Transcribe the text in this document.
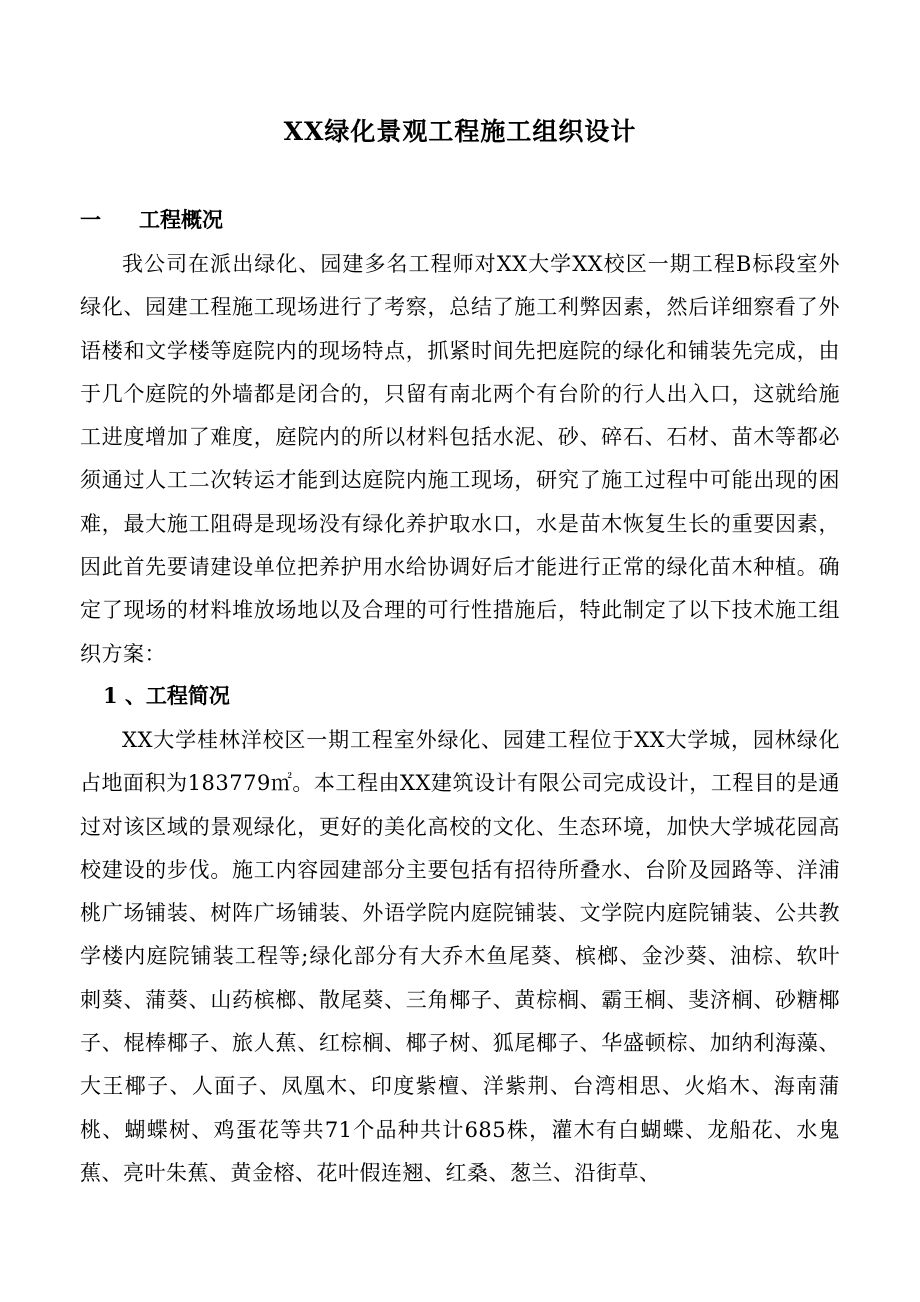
XX绿化景观工程施工组织设计
一 工程概况

我公司在派出绿化、园建多名工程师对XX大学XX校区一期工程B标段室外绿化、园建工程施工现场进行了考察，总结了施工利弊因素，然后详细察看了外语楼和文学楼等庭院内的现场特点，抓紧时间先把庭院的绿化和铺装先完成，由于几个庭院的外墙都是闭合的，只留有南北两个有台阶的行人出入口，这就给施工进度增加了难度，庭院内的所以材料包括水泥、砂、碎石、石材、苗木等都必须通过人工二次转运才能到达庭院内施工现场，研究了施工过程中可能出现的困难，最大施工阻碍是现场没有绿化养护取水口，水是苗木恢复生长的重要因素，因此首先要请建设单位把养护用水给协调好后才能进行正常的绿化苗木种植。确定了现场的材料堆放场地以及合理的可行性措施后，特此制定了以下技术施工组织方案：

1 、工程简况

XX大学桂林洋校区一期工程室外绿化、园建工程位于XX大学城，园林绿化占地面积为183779㎡。本工程由XX建筑设计有限公司完成设计，工程目的是通过对该区域的景观绿化，更好的美化高校的文化、生态环境，加快大学城花园高校建设的步伐。施工内容园建部分主要包括有招待所叠水、台阶及园路等、洋浦桃广场铺装、树阵广场铺装、外语学院内庭院铺装、文学院内庭院铺装、公共教学楼内庭院铺装工程等;绿化部分有大乔木鱼尾葵、槟榔、金沙葵、油棕、软叶刺葵、蒲葵、山药槟榔、散尾葵、三角椰子、黄棕榈、霸王榈、斐济榈、砂糖椰子、棍棒椰子、旅人蕉、红棕榈、椰子树、狐尾椰子、华盛顿棕、加纳利海藻、大王椰子、人面子、凤凰木、印度紫檀、洋紫荆、台湾相思、火焰木、海南蒲桃、蝴蝶树、鸡蛋花等共71个品种共计685株，灌木有白蝴蝶、龙船花、水鬼蕉、亮叶朱蕉、黄金榕、花叶假连翘、红桑、葱兰、沿街草、
